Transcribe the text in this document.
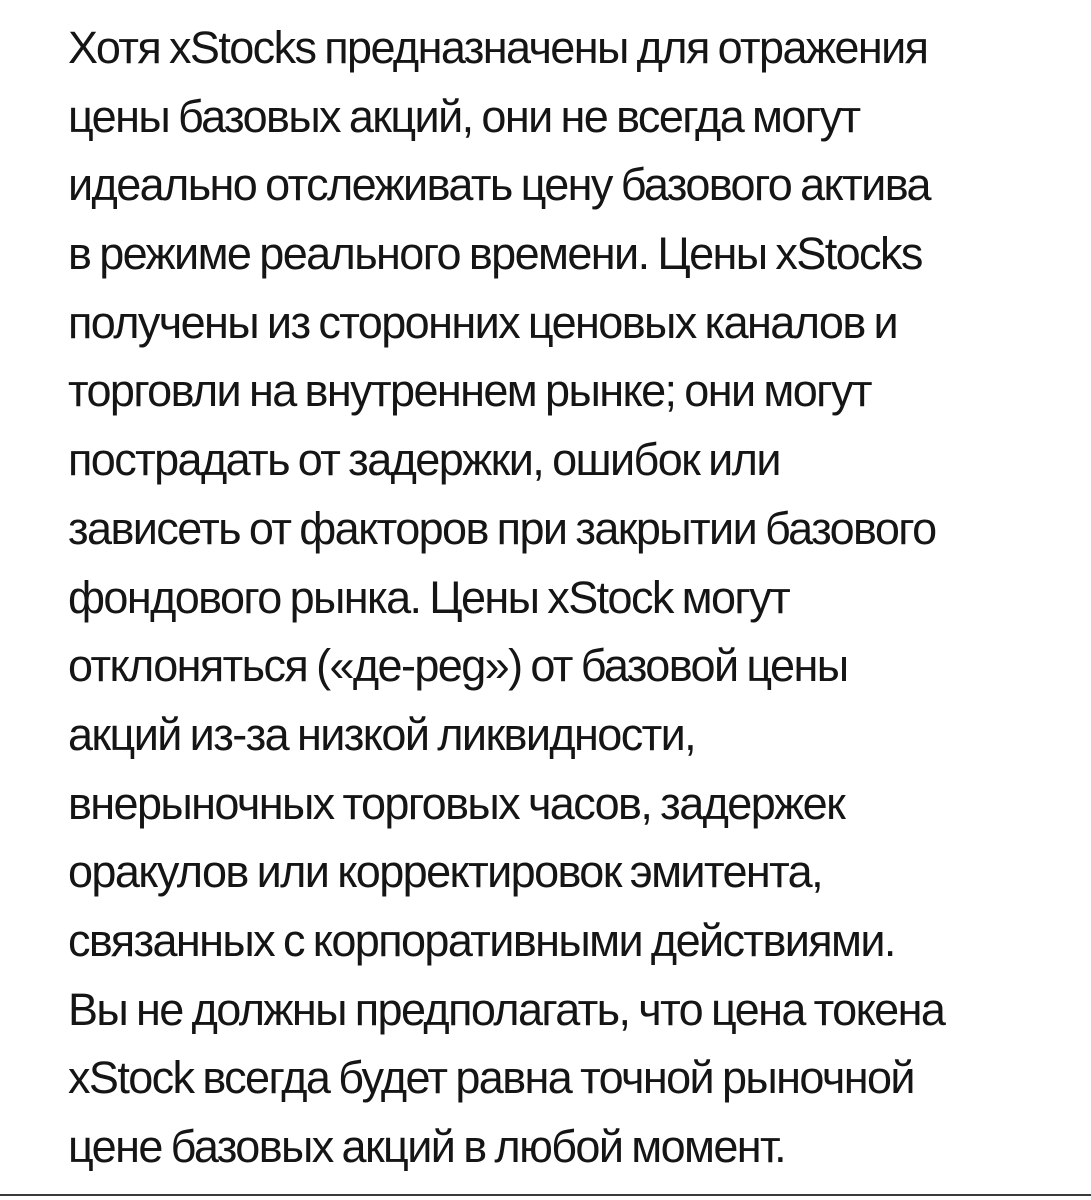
Хотя xStocks предназначены для отражения
цены базовых акций, они не всегда могут
идеально отслеживать цену базового актива
в режиме реального времени. Цены xStocks
получены из сторонних ценовых каналов и
торговли на внутреннем рынке; они могут
пострадать от задержки, ошибок или
зависеть от факторов при закрытии базового
фондового рынка. Цены xStock могут
отклоняться («де-peg») от базовой цены
акций из-за низкой ликвидности,
внерыночных торговых часов, задержек
оракулов или корректировок эмитента,
связанных с корпоративными действиями.
Вы не должны предполагать, что цена токена
xStock всегда будет равна точной рыночной
цене базовых акций в любой момент.
